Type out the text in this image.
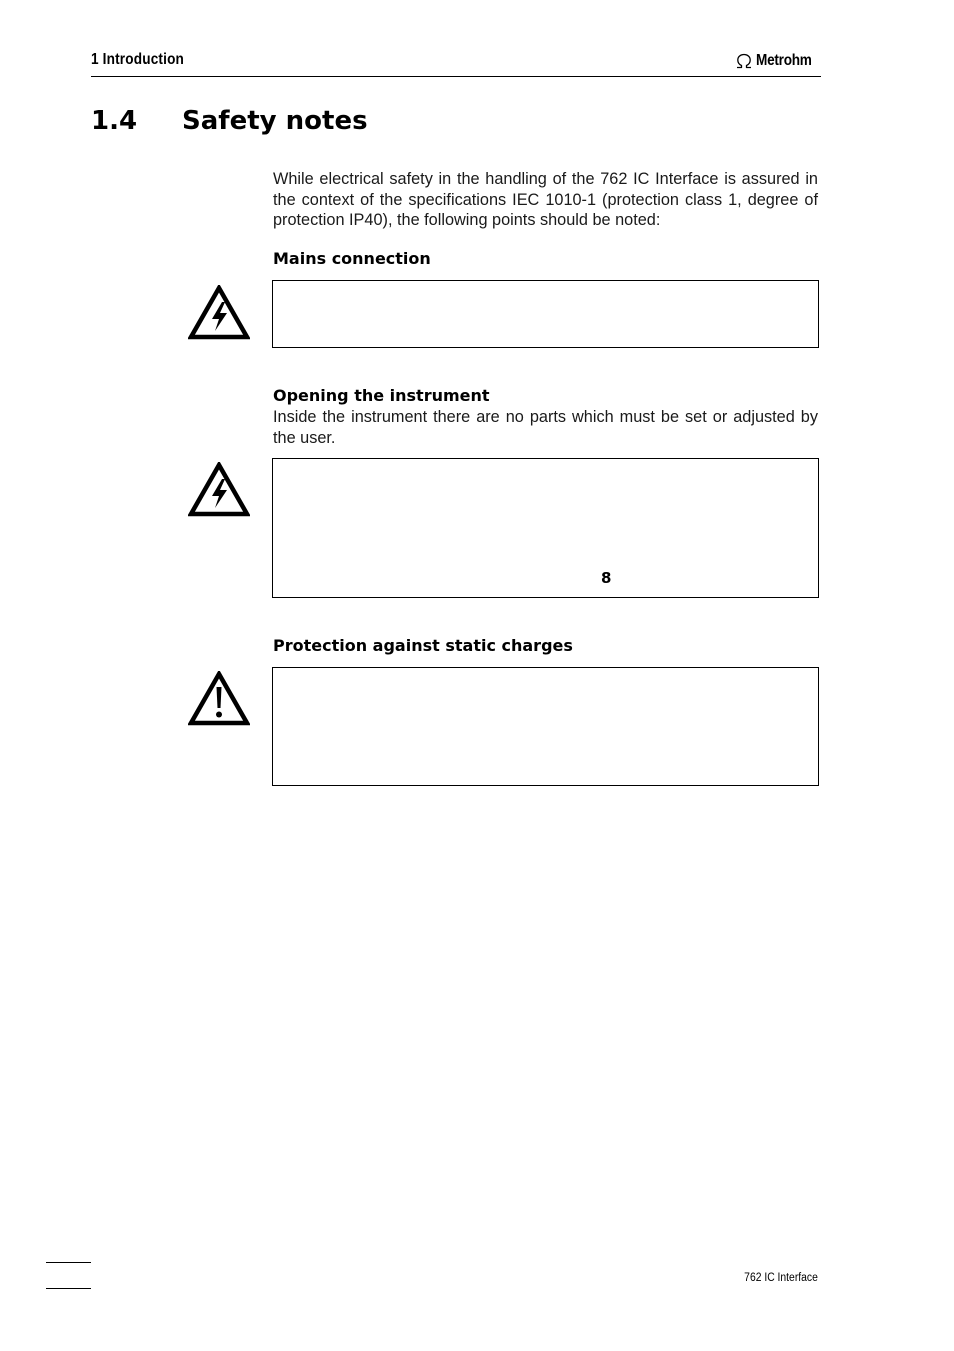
1 Introduction	Metrohm
1.4 Safety notes

While electrical safety in the handling of the 762 IC Interface is assured in the context of the specifications IEC 1010-1 (protection class 1, degree of protection IP40), the following points should be noted:

Mains connection
Opening the instrument

Inside the instrument there are no parts which must be set or adjusted by the user.

8
Protection against static charges
762 IC Interface
